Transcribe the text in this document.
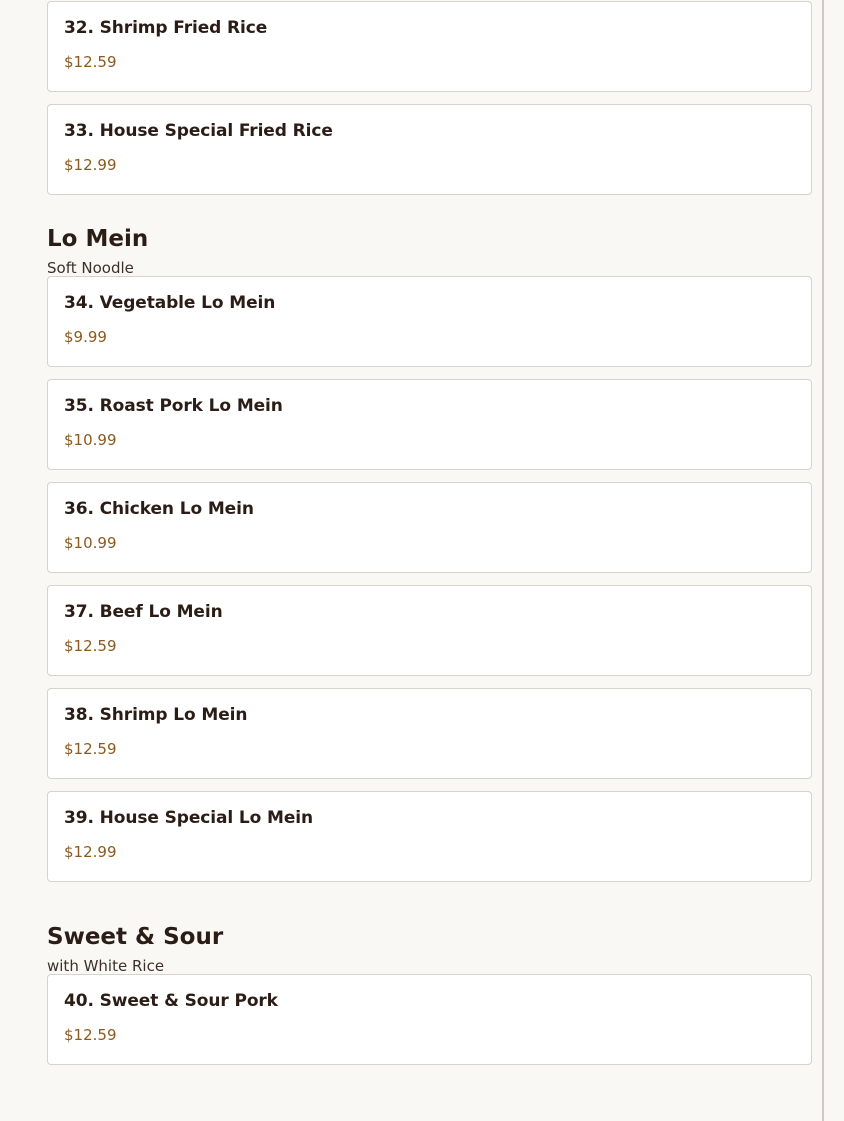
32. Shrimp Fried Rice
$12.59
33. House Special Fried Rice
$12.99
Lo Mein
Soft Noodle
34. Vegetable Lo Mein
$9.99
35. Roast Pork Lo Mein
$10.99
36. Chicken Lo Mein
$10.99
37. Beef Lo Mein
$12.59
38. Shrimp Lo Mein
$12.59
39. House Special Lo Mein
$12.99
Sweet & Sour
with White Rice
40. Sweet & Sour Pork
$12.59
